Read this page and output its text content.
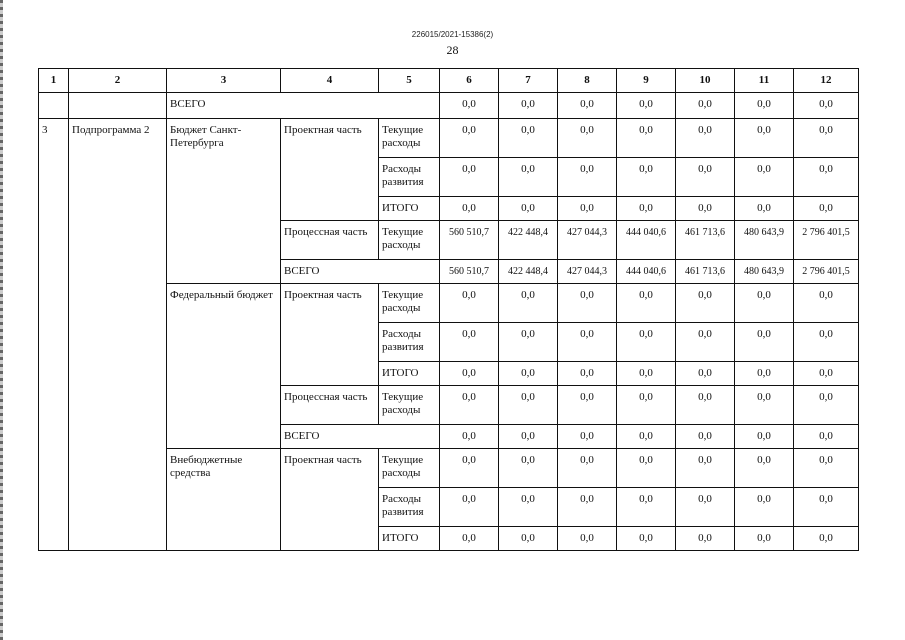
226015/2021-15386(2)
28
1	2	3	4	5	6	7	8	9	10	11	12
		ВСЕГО			0,0	0,0	0,0	0,0	0,0	0,0	0,0
3	Подпрограмма 2	Бюджет Санкт-Петербурга	Проектная часть	Текущие расходы	0,0	0,0	0,0	0,0	0,0	0,0	0,0
				Расходы развития	0,0	0,0	0,0	0,0	0,0	0,0	0,0
				ИТОГО	0,0	0,0	0,0	0,0	0,0	0,0	0,0
			Процессная часть	Текущие расходы	560 510,7	422 448,4	427 044,3	444 040,6	461 713,6	480 643,9	2 796 401,5
			ВСЕГО		560 510,7	422 448,4	427 044,3	444 040,6	461 713,6	480 643,9	2 796 401,5
		Федеральный бюджет	Проектная часть	Текущие расходы	0,0	0,0	0,0	0,0	0,0	0,0	0,0
				Расходы развития	0,0	0,0	0,0	0,0	0,0	0,0	0,0
				ИТОГО	0,0	0,0	0,0	0,0	0,0	0,0	0,0
			Процессная часть	Текущие расходы	0,0	0,0	0,0	0,0	0,0	0,0	0,0
			ВСЕГО		0,0	0,0	0,0	0,0	0,0	0,0	0,0
		Внебюджетные средства	Проектная часть	Текущие расходы	0,0	0,0	0,0	0,0	0,0	0,0	0,0
				Расходы развития	0,0	0,0	0,0	0,0	0,0	0,0	0,0
				ИТОГО	0,0	0,0	0,0	0,0	0,0	0,0	0,0
